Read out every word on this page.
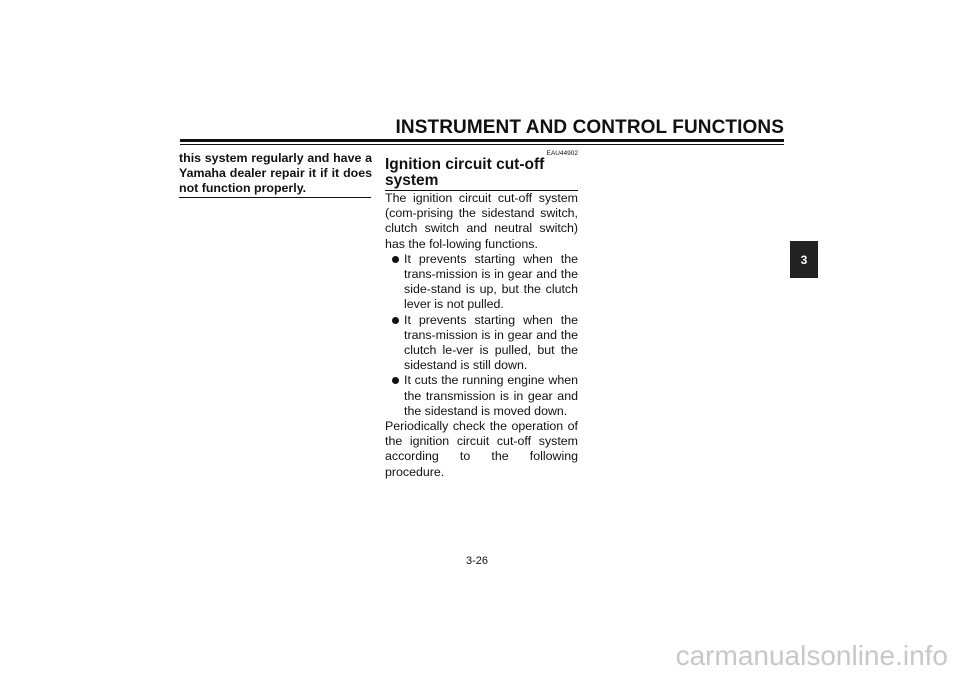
INSTRUMENT AND CONTROL FUNCTIONS
this system regularly and have a Yamaha dealer repair it if it does not function properly.
EAU44902
Ignition circuit cut-off system

The ignition circuit cut-off system (com-prising the sidestand switch, clutch switch and neutral switch) has the fol-lowing functions.

It prevents starting when the trans-mission is in gear and the side-stand is up, but the clutch lever is not pulled.
It prevents starting when the trans-mission is in gear and the clutch le-ver is pulled, but the sidestand is still down.
It cuts the running engine when the transmission is in gear and the sidestand is moved down.

Periodically check the operation of the ignition circuit cut-off system according to the following procedure.

3-26
3
carmanualsonline.info
